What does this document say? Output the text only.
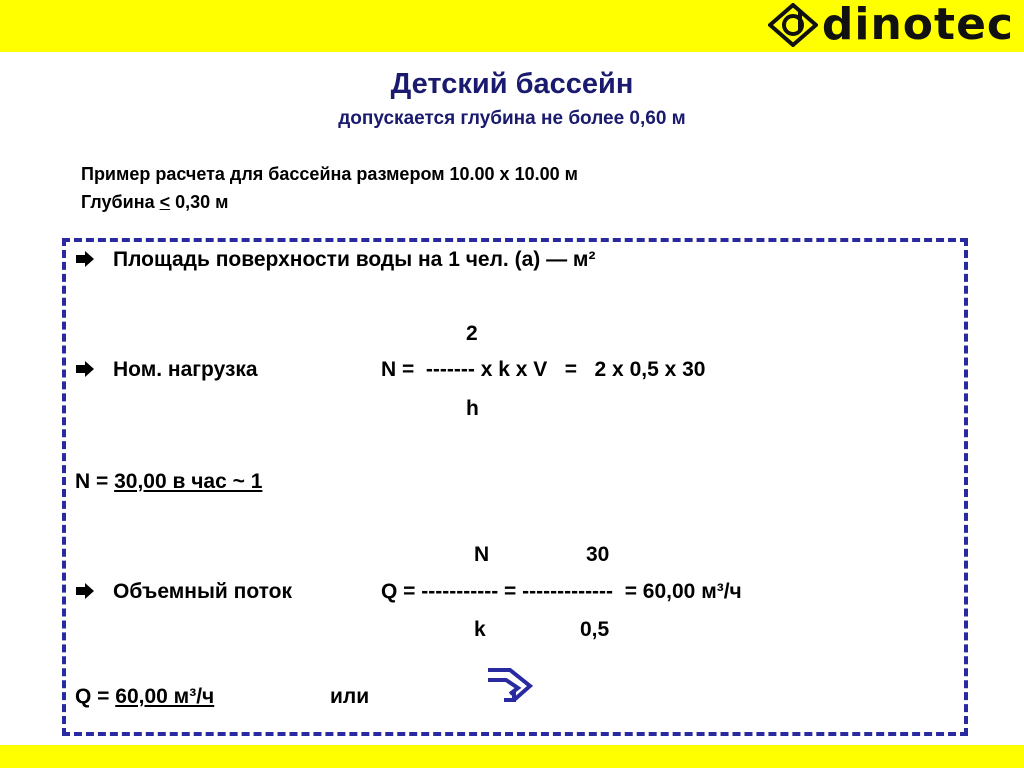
dinotec
Детский бассейн
допускается глубина не более 0,60 м
Пример расчета для бассейна размером 10.00 х 10.00 м
Глубина ≤ 0,30 м
Площадь поверхности воды на 1 чел. (а) — м²
2
Ном. нагрузка	N =  ------- x k x V   =   2 x 0,5 x 30
h
N = 30,00 в час ~ 1
N	30
Объемный поток	Q = ----------- = -------------  = 60,00 м³/ч
k	0,5
Q = 60,00 м³/ч	или
